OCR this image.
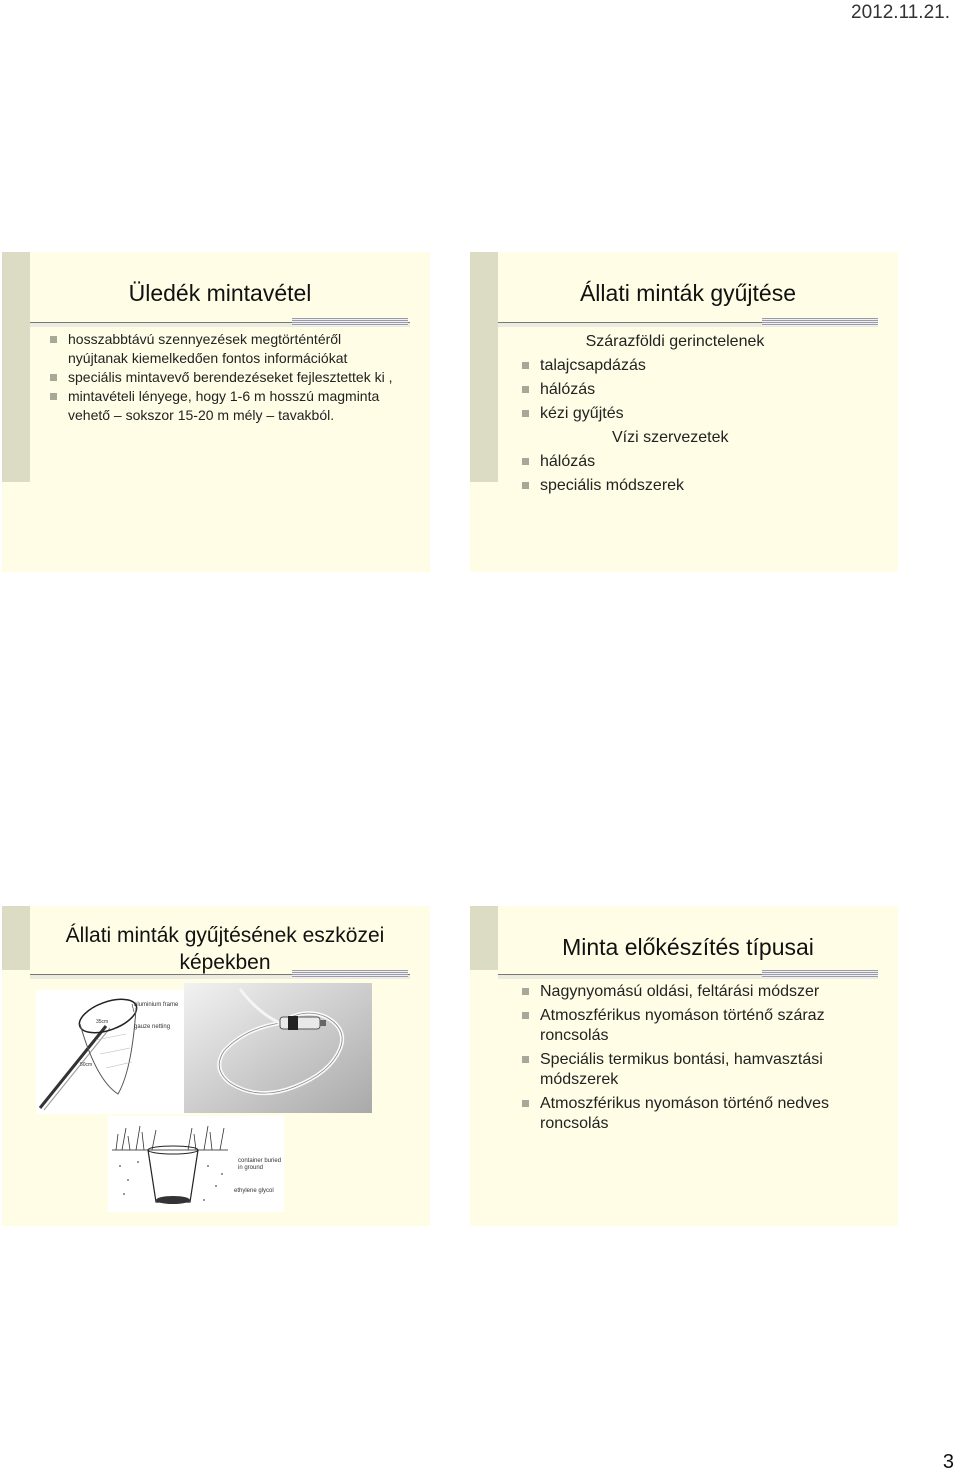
2012.11.21.
Üledék mintavétel
hosszabbtávú szennyezések megtörténtéről nyújtanak kiemelkedően fontos információkat
speciális mintavevő berendezéseket fejlesztettek ki ,
mintavételi lényege, hogy 1-6 m hosszú magminta vehető – sokszor 15-20 m mély – tavakból.
Állati minták gyűjtése
Szárazföldi gerinctelenek
talajcsapdázás
hálózás
kézi gyűjtés
Vízi szervezetek
hálózás
speciális módszerek
Állati minták gyűjtésének eszközei
képekben
aluminium frame
gauze netting
35cm
50cm
container buried
in ground
ethylene glycol
Minta előkészítés típusai
Nagynyomású oldási, feltárási módszer
Atmoszférikus nyomáson történő száraz roncsolás
Speciális termikus bontási, hamvasztási módszerek
Atmoszférikus nyomáson történő nedves roncsolás
3
